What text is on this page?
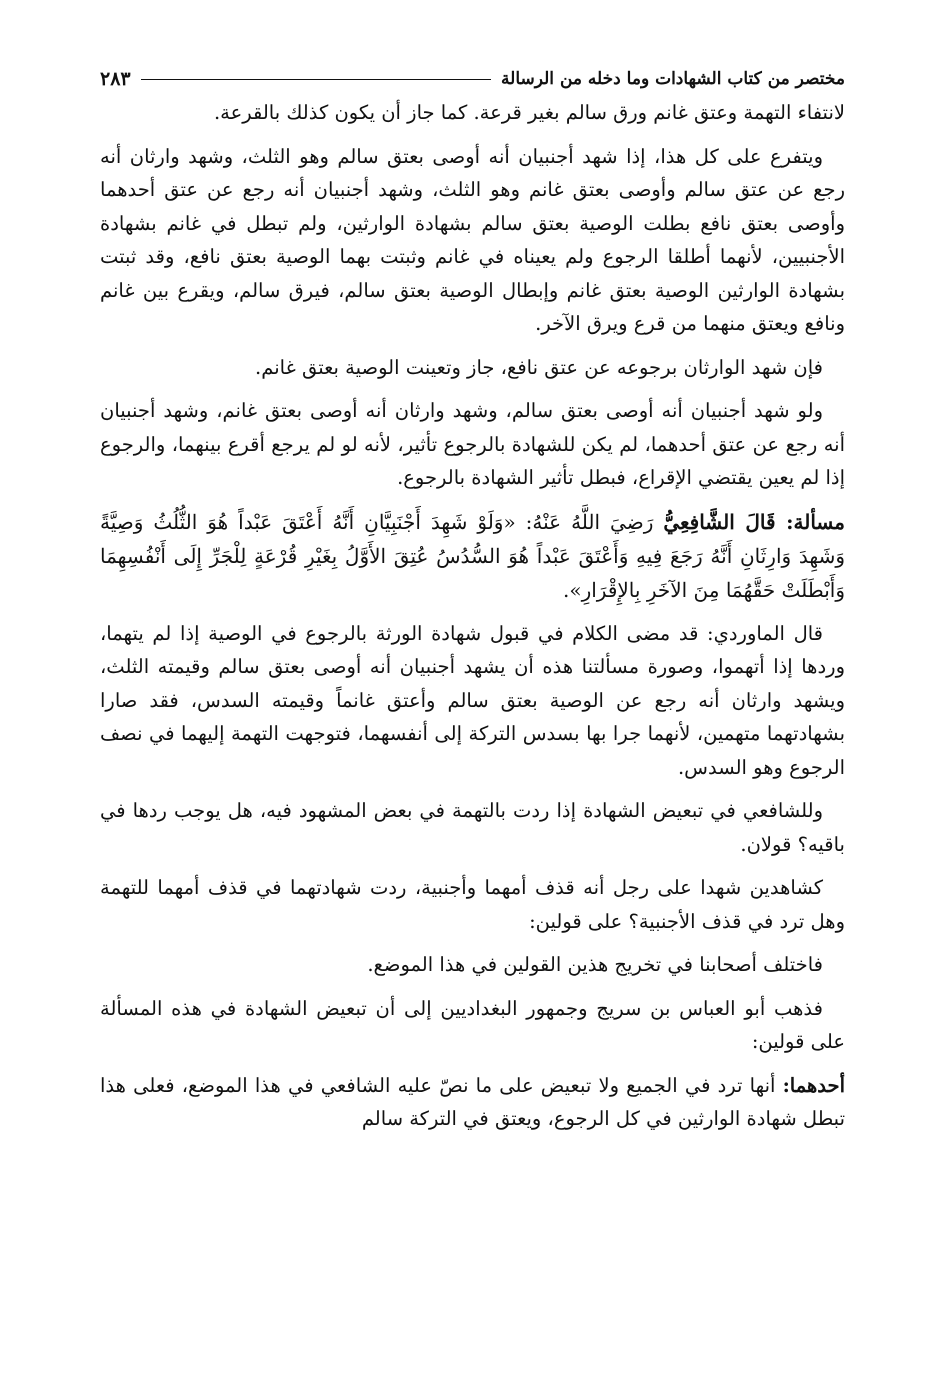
مختصر من كتاب الشهادات وما دخله من الرسالة
٢٨٣

لانتفاء التهمة وعتق غانم ورق سالم بغير قرعة. كما جاز أن يكون كذلك بالقرعة.

ويتفرع على كل هذا، إذا شهد أجنبيان أنه أوصى بعتق سالم وهو الثلث، وشهد وارثان أنه رجع عن عتق سالم وأوصى بعتق غانم وهو الثلث، وشهد أجنبيان أنه رجع عن عتق أحدهما وأوصى بعتق نافع بطلت الوصية بعتق سالم بشهادة الوارثين، ولم تبطل في غانم بشهادة الأجنبيين، لأنهما أطلقا الرجوع ولم يعيناه في غانم وثبتت بهما الوصية بعتق نافع، وقد ثبتت بشهادة الوارثين الوصية بعتق غانم وإبطال الوصية بعتق سالم، فيرق سالم، ويقرع بين غانم ونافع ويعتق منهما من قرع ويرق الآخر.

فإن شهد الوارثان برجوعه عن عتق نافع، جاز وتعينت الوصية بعتق غانم.

ولو شهد أجنبيان أنه أوصى بعتق سالم، وشهد وارثان أنه أوصى بعتق غانم، وشهد أجنبيان أنه رجع عن عتق أحدهما، لم يكن للشهادة بالرجوع تأثير، لأنه لو لم يرجع أقرع بينهما، والرجوع إذا لم يعين يقتضي الإقراع، فبطل تأثير الشهادة بالرجوع.

مسألة: قَالَ الشَّافِعِيُّ رَضِيَ اللَّهُ عَنْهُ: «وَلَوْ شَهِدَ أَجْنَبِيَّانِ أَنَّهُ أَعْتَقَ عَبْداً هُوَ الثُّلُثُ وَصِيَّةً وَشَهِدَ وَارِثَانِ أَنَّهُ رَجَعَ فِيهِ وَأَعْتَقَ عَبْداً هُوَ السُّدُسُ عُتِقَ الأَوَّلُ بِغَيْرِ قُرْعَةٍ لِلْجَرِّ إِلَى أَنْفُسِهِمَا وَأَبْطَلَتْ حَقَّهُمَا مِنَ الآخَرِ بِالإِقْرَارِ».

قال الماوردي: قد مضى الكلام في قبول شهادة الورثة بالرجوع في الوصية إذا لم يتهما، وردها إذا أتهموا، وصورة مسألتنا هذه أن يشهد أجنبيان أنه أوصى بعتق سالم وقيمته الثلث، ويشهد وارثان أنه رجع عن الوصية بعتق سالم وأعتق غانماً وقيمته السدس، فقد صارا بشهادتهما متهمين، لأنهما جرا بها بسدس التركة إلى أنفسهما، فتوجهت التهمة إليهما في نصف الرجوع وهو السدس.

وللشافعي في تبعيض الشهادة إذا ردت بالتهمة في بعض المشهود فيه، هل يوجب ردها في باقيه؟ قولان.

كشاهدين شهدا على رجل أنه قذف أمهما وأجنبية، ردت شهادتهما في قذف أمهما للتهمة وهل ترد في قذف الأجنبية؟ على قولين:

فاختلف أصحابنا في تخريج هذين القولين في هذا الموضع.

فذهب أبو العباس بن سريج وجمهور البغداديين إلى أن تبعيض الشهادة في هذه المسألة على قولين:

أحدهما: أنها ترد في الجميع ولا تبعيض على ما نصّ عليه الشافعي في هذا الموضع، فعلى هذا تبطل شهادة الوارثين في كل الرجوع، ويعتق في التركة سالم
